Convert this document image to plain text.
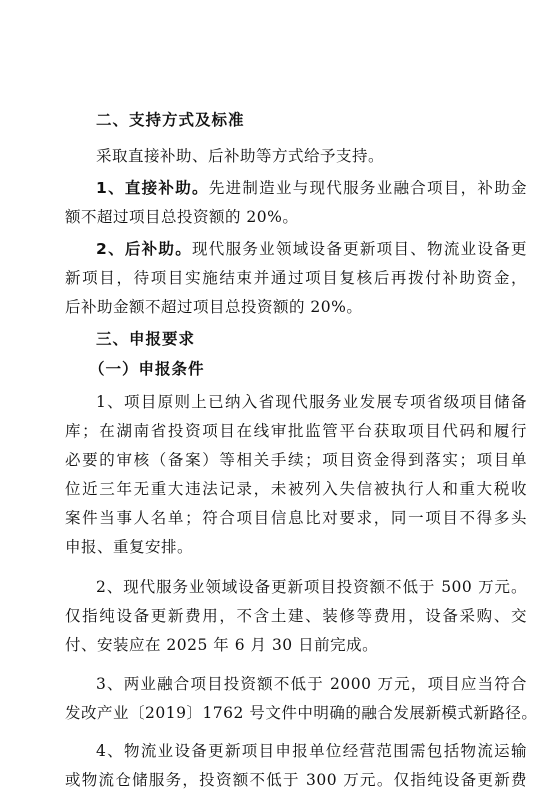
二、支持方式及标准
采取直接补助、后补助等方式给予支持。
1、直接补助。先进制造业与现代服务业融合项目，补助金
额不超过项目总投资额的 20%。
2、后补助。现代服务业领域设备更新项目、物流业设备更
新项目，待项目实施结束并通过项目复核后再拨付补助资金，
后补助金额不超过项目总投资额的 20%。
三、申报要求
（一）申报条件
1、项目原则上已纳入省现代服务业发展专项省级项目储备
库；在湖南省投资项目在线审批监管平台获取项目代码和履行
必要的审核（备案）等相关手续；项目资金得到落实；项目单
位近三年无重大违法记录，未被列入失信被执行人和重大税收
案件当事人名单；符合项目信息比对要求，同一项目不得多头
申报、重复安排。
2、现代服务业领域设备更新项目投资额不低于 500 万元。
仅指纯设备更新费用，不含土建、装修等费用，设备采购、交
付、安装应在 2025 年 6 月 30 日前完成。
3、两业融合项目投资额不低于 2000 万元，项目应当符合
发改产业〔2019〕1762 号文件中明确的融合发展新模式新路径。
4、物流业设备更新项目申报单位经营范围需包括物流运输
或物流仓储服务，投资额不低于 300 万元。仅指纯设备更新费
